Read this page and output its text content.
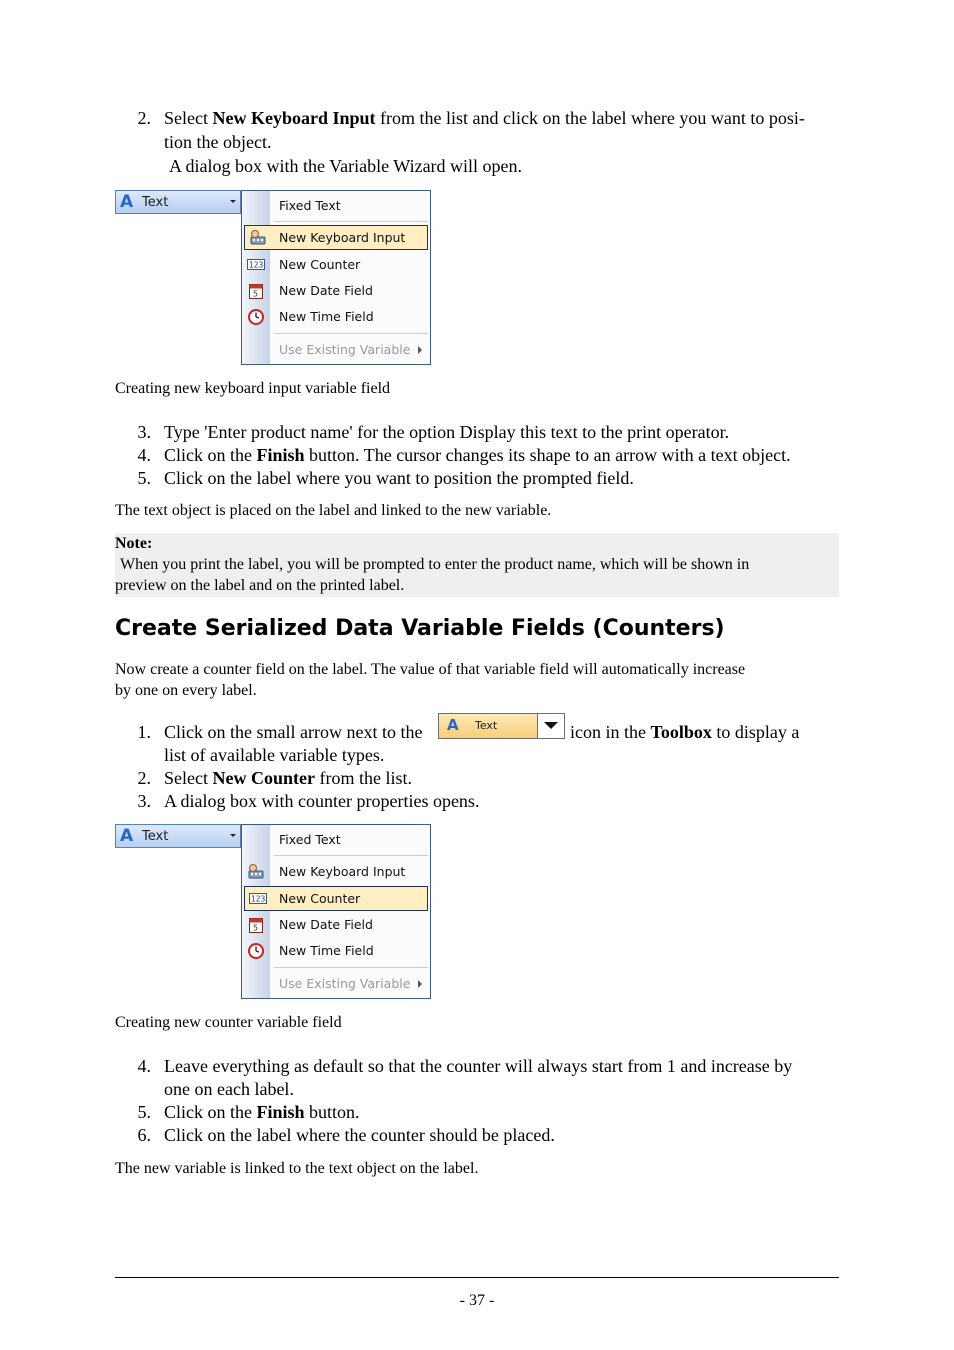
2. Select New Keyboard Input from the list and click on the label where you want to posi-
tion the object.
A dialog box with the Variable Wizard will open.
A Text	Fixed Text
New Keyboard Input
123 New Counter
5 New Date Field
New Time Field
Use Existing Variable
Creating new keyboard input variable field
3. Type 'Enter product name' for the option Display this text to the print operator.
4. Click on the Finish button. The cursor changes its shape to an arrow with a text object.
5. Click on the label where you want to position the prompted field.
The text object is placed on the label and linked to the new variable.
Note:
When you print the label, you will be prompted to enter the product name, which will be shown in
preview on the label and on the printed label.
Create Serialized Data Variable Fields (Counters)
Now create a counter field on the label. The value of that variable field will automatically increase
by one on every label.
1. Click on the small arrow next to the	icon in the Toolbox to display a
list of available variable types.
2. Select New Counter from the list.
3. A dialog box with counter properties opens.
A Text
A Text	Fixed Text
New Keyboard Input
123 New Counter
5 New Date Field
New Time Field
Use Existing Variable
Creating new counter variable field
4. Leave everything as default so that the counter will always start from 1 and increase by
one on each label.
5. Click on the Finish button.
6. Click on the label where the counter should be placed.
The new variable is linked to the text object on the label.
- 37 -
